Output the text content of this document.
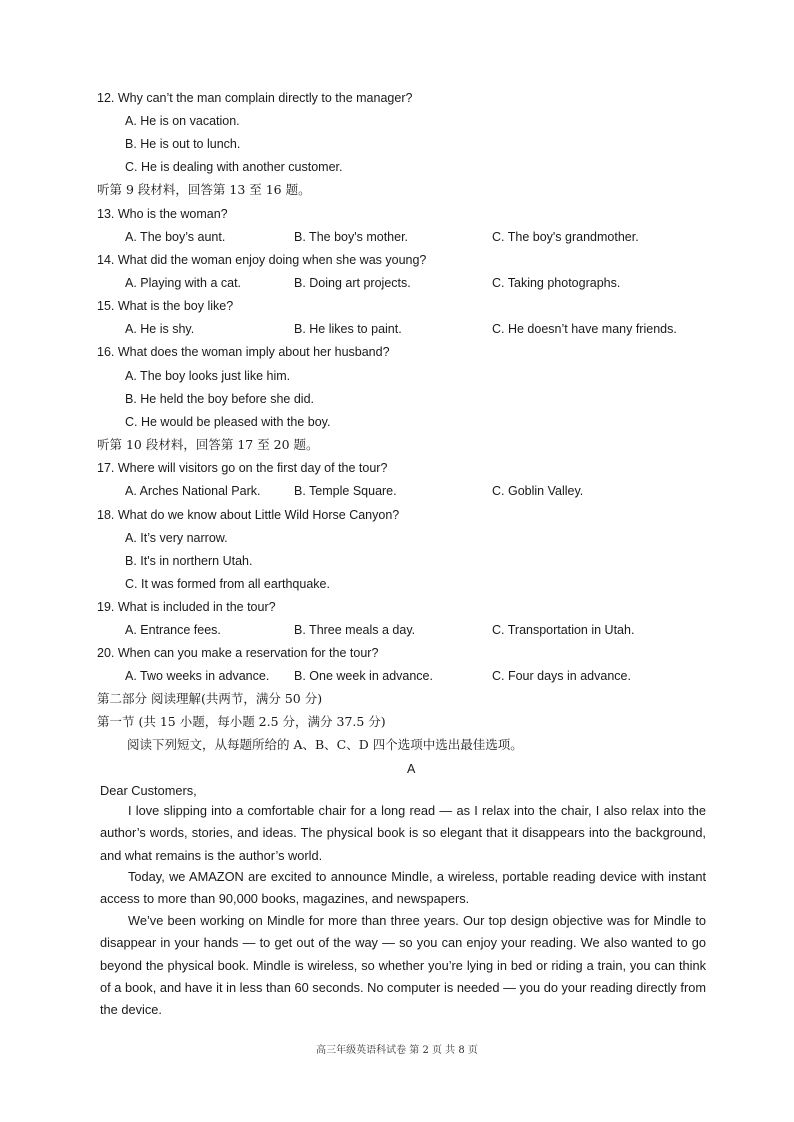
12. Why can’t the man complain directly to the manager?
A. He is on vacation.
B. He is out to lunch.
C. He is dealing with another customer.
听第 9 段材料，回答第 13 至 16 题。
13. Who is the woman?
A. The boy’s aunt.	B. The boy's mother.	C. The boy's grandmother.
14. What did the woman enjoy doing when she was young?
A. Playing with a cat.	B. Doing art projects.	C. Taking photographs.
15. What is the boy like?
A. He is shy.	B. He likes to paint.	C. He doesn’t have many friends.
16. What does the woman imply about her husband?
A. The boy looks just like him.
B. He held the boy before she did.
C. He would be pleased with the boy.
听第 10 段材料，回答第 17 至 20 题。
17. Where will visitors go on the first day of the tour?
A. Arches National Park.	B. Temple Square.	C. Goblin Valley.
18. What do we know about Little Wild Horse Canyon?
A. It’s very narrow.
B. It's in northern Utah.
C. It was formed from all earthquake.
19. What is included in the tour?
A. Entrance fees.	B. Three meals a day.	C. Transportation in Utah.
20. When can you make a reservation for the tour?
A. Two weeks in advance. B. One week in advance.	C. Four days in advance.
第二部分 阅读理解(共两节，满分 50 分)
第一节 (共 15 小题，每小题 2.5 分，满分 37.5 分)
阅读下列短文，从每题所给的 A、B、C、D 四个选项中选出最佳选项。
A
Dear Customers,
I love slipping into a comfortable chair for a long read — as I relax into the chair, I also relax into the author’s words, stories, and ideas. The physical book is so elegant that it disappears into the background, and what remains is the author’s world.
Today, we AMAZON are excited to announce Mindle, a wireless, portable reading device with instant access to more than 90,000 books, magazines, and newspapers.
We’ve been working on Mindle for more than three years. Our top design objective was for Mindle to disappear in your hands — to get out of the way — so you can enjoy your reading. We also wanted to go beyond the physical book. Mindle is wireless, so whether you’re lying in bed or riding a train, you can think of a book, and have it in less than 60 seconds. No computer is needed — you do your reading directly from the device.
高三年级英语科试卷 第 2 页 共 8 页
